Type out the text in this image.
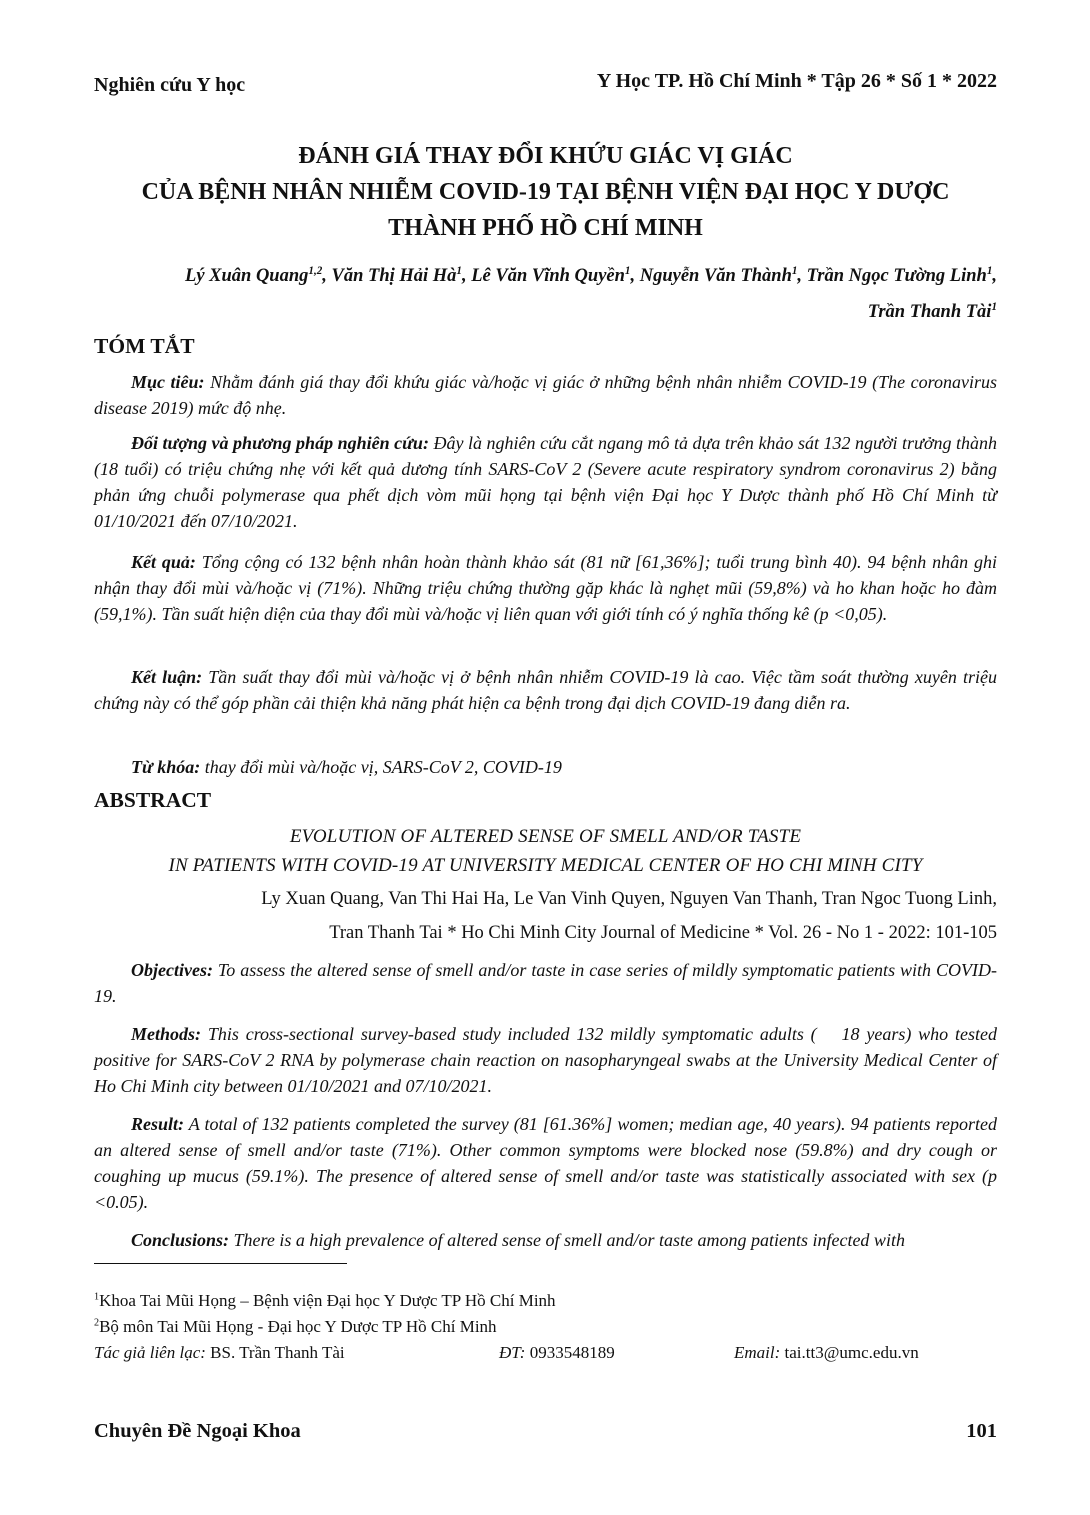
Nghiên cứu Y học	Y Học TP. Hồ Chí Minh * Tập 26 * Số 1 * 2022
ĐÁNH GIÁ THAY ĐỔI KHỨU GIÁC VỊ GIÁC
CỦA BỆNH NHÂN NHIỄM COVID-19 TẠI BỆNH VIỆN ĐẠI HỌC Y DƯỢC
THÀNH PHỐ HỒ CHÍ MINH
Lý Xuân Quang$^{1,2}$, Văn Thị Hải $Hà^1$, Lê Văn Vĩnh Quyền$^1$, Nguyễn Văn Thành$^1$, Trần Ngọc Tường Linh$^1$,
Trần Thanh Tài$^1$
TÓM TẮT

Mục tiêu: Nhằm đánh giá thay đổi khứu giác và/hoặc vị giác ở những bệnh nhân nhiễm COVID-19 (The coronavirus disease 2019) mức độ nhẹ.

Đối tượng và phương pháp nghiên cứu: Đây là nghiên cứu cắt ngang mô tả dựa trên khảo sát 132 người trưởng thành (18 tuổi) có triệu chứng nhẹ với kết quả dương tính SARS-CoV 2 (Severe acute respiratory syndrom coronavirus 2) bằng phản ứng chuỗi polymerase qua phết dịch vòm mũi họng tại bệnh viện Đại học Y Dược thành phố Hồ Chí Minh từ 01/10/2021 đến 07/10/2021.

Kết quả: Tổng cộng có 132 bệnh nhân hoàn thành khảo sát (81 nữ [61,36%]; tuổi trung bình 40). 94 bệnh nhân ghi nhận thay đổi mùi và/hoặc vị (71%). Những triệu chứng thường gặp khác là nghẹt mũi (59,8%) và ho khan hoặc ho đàm (59,1%). Tần suất hiện diện của thay đổi mùi và/hoặc vị liên quan với giới tính có ý nghĩa thống kê (p <0,05).

Kết luận: Tần suất thay đổi mùi và/hoặc vị ở bệnh nhân nhiễm COVID-19 là cao. Việc tầm soát thường xuyên triệu chứng này có thể góp phần cải thiện khả năng phát hiện ca bệnh trong đại dịch COVID-19 đang diễn ra.

Từ khóa: thay đổi mùi và/hoặc vị, SARS-CoV 2, COVID-19

ABSTRACT
EVOLUTION OF ALTERED SENSE OF SMELL AND/OR TASTE
IN PATIENTS WITH COVID-19 AT UNIVERSITY MEDICAL CENTER OF HO CHI MINH CITY
Ly Xuan Quang, Van Thi Hai Ha, Le Van Vinh Quyen, Nguyen Van Thanh, Tran Ngoc Tuong Linh,
Tran Thanh Tai * Ho Chi Minh City Journal of Medicine * Vol. 26 - No 1 - 2022: 101-105

Objectives: To assess the altered sense of smell and/or taste in case series of mildly symptomatic patients with COVID-19.

Methods: This cross-sectional survey-based study included 132 mildly symptomatic adults (  18 years) who tested positive for SARS-CoV 2 RNA by polymerase chain reaction on nasopharyngeal swabs at the University Medical Center of Ho Chi Minh city between 01/10/2021 and 07/10/2021.

Result: A total of 132 patients completed the survey (81 [61.36%] women; median age, 40 years). 94 patients reported an altered sense of smell and/or taste (71%). Other common symptoms were blocked nose (59.8%) and dry cough or coughing up mucus (59.1%). The presence of altered sense of smell and/or taste was statistically associated with sex (p <0.05).

Conclusions: There is a high prevalence of altered sense of smell and/or taste among patients infected with

$^1$Khoa Tai Mũi Họng – Bệnh viện Đại học Y Dược TP Hồ Chí Minh
$^2$Bộ môn Tai Mũi Họng - Đại học Y Dược TP Hồ Chí Minh
Tác giả liên lạc: BS. Trần Thanh Tài	ĐT: 0933548189	Email: tai.tt3@umc.edu.vn
Chuyên Đề Ngoại Khoa	101
